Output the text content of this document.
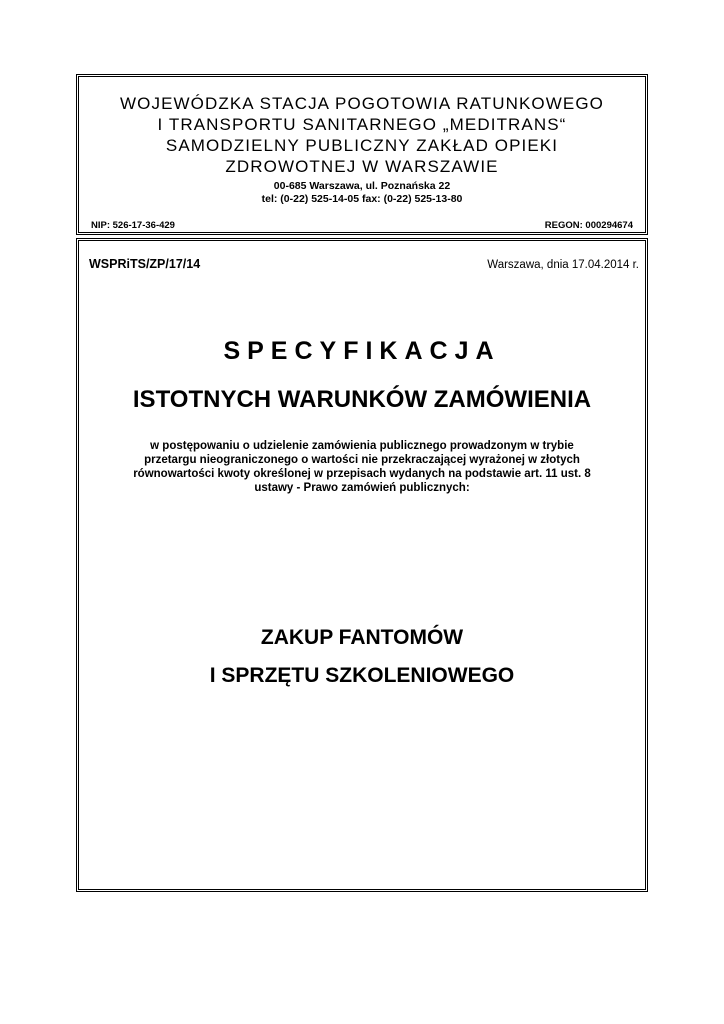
WOJEWÓDZKA STACJA POGOTOWIA RATUNKOWEGO
I TRANSPORTU SANITARNEGO „MEDITRANS“
SAMODZIELNY PUBLICZNY ZAKŁAD OPIEKI
ZDROWOTNEJ W WARSZAWIE
00-685 Warszawa, ul. Poznańska 22
tel: (0-22) 525-14-05 fax: (0-22) 525-13-80
NIP: 526-17-36-429	REGON: 000294674
WSPRiTS/ZP/17/14	Warszawa, dnia 17.04.2014 r.
SPECYFIKACJA
ISTOTNYCH WARUNKÓW ZAMÓWIENIA
w postępowaniu o udzielenie zamówienia publicznego prowadzonym w trybie
przetargu nieograniczonego o wartości nie przekraczającej wyrażonej w złotych
równowartości kwoty określonej w przepisach wydanych na podstawie art. 11 ust. 8
ustawy - Prawo zamówień publicznych:
ZAKUP FANTOMÓW
I SPRZĘTU SZKOLENIOWEGO
